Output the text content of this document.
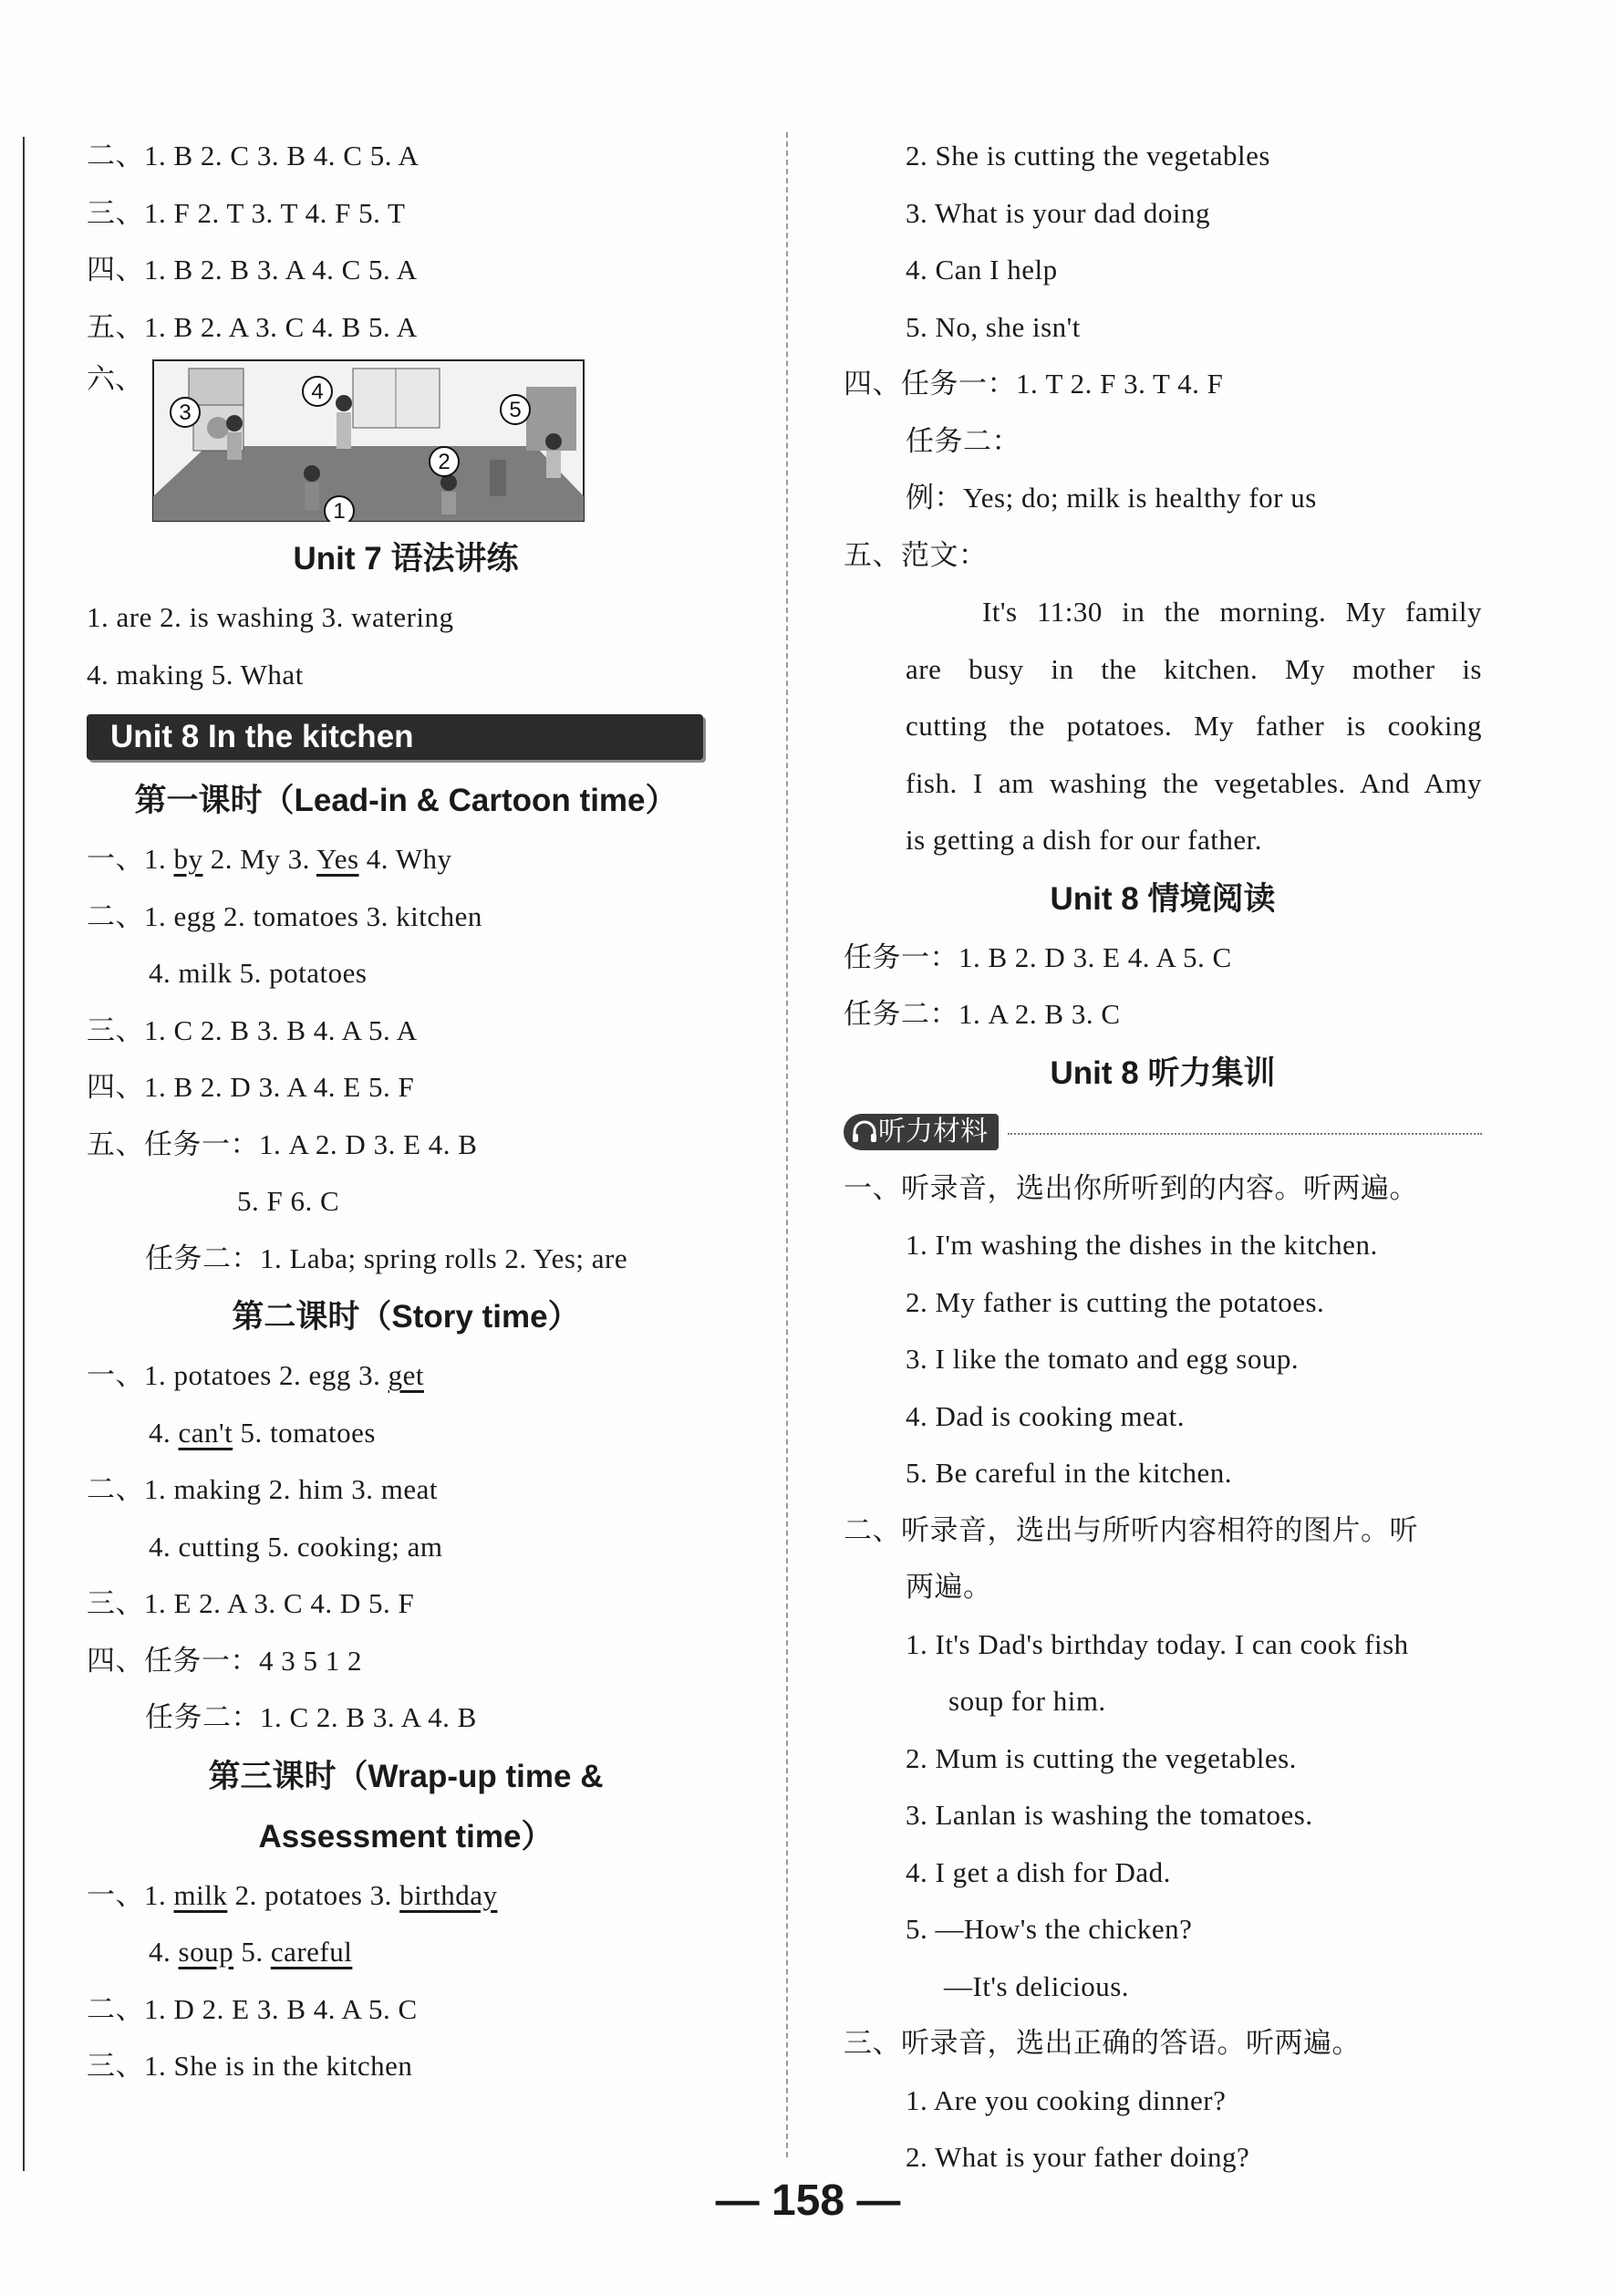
二、1. B 2. C 3. B 4. C 5. A
三、1. F 2. T 3. T 4. F 5. T
四、1. B 2. B 3. A 4. C 5. A
五、1. B 2. A 3. C 4. B 5. A
六、
1
2
3
4
5
Unit 7 语法讲练
1. are 2. is washing 3. watering
4. making 5. What
Unit 8 In the kitchen
第一课时（Lead-in & Cartoon time）
一、1. by 2. My 3. Yes 4. Why
二、1. egg 2. tomatoes 3. kitchen
4. milk 5. potatoes
三、1. C 2. B 3. B 4. A 5. A
四、1. B 2. D 3. A 4. E 5. F
五、任务一：1. A 2. D 3. E 4. B
5. F 6. C
任务二：1. Laba; spring rolls 2. Yes; are
第二课时（Story time）
一、1. potatoes 2. egg 3. get
4. can't 5. tomatoes
二、1. making 2. him 3. meat
4. cutting 5. cooking; am
三、1. E 2. A 3. C 4. D 5. F
四、任务一：4 3 5 1 2
任务二：1. C 2. B 3. A 4. B
第三课时（Wrap-up time &
Assessment time）
一、1. milk 2. potatoes 3. birthday
4. soup 5. careful
二、1. D 2. E 3. B 4. A 5. C
三、1. She is in the kitchen
2. She is cutting the vegetables
3. What is your dad doing
4. Can I help
5. No, she isn't
四、任务一：1. T 2. F 3. T 4. F
任务二：
例：Yes; do; milk is healthy for us
五、范文：
It's 11:30 in the morning. My family
are busy in the kitchen. My mother is
cutting the potatoes. My father is cooking
fish. I am washing the vegetables. And Amy
is getting a dish for our father.
Unit 8 情境阅读
任务一：1. B 2. D 3. E 4. A 5. C
任务二：1. A 2. B 3. C
Unit 8 听力集训
听力材料
一、听录音，选出你所听到的内容。听两遍。
1. I'm washing the dishes in the kitchen.
2. My father is cutting the potatoes.
3. I like the tomato and egg soup.
4. Dad is cooking meat.
5. Be careful in the kitchen.
二、听录音，选出与所听内容相符的图片。听
两遍。
1. It's Dad's birthday today. I can cook fish
soup for him.
2. Mum is cutting the vegetables.
3. Lanlan is washing the tomatoes.
4. I get a dish for Dad.
5. —How's the chicken?
—It's delicious.
三、听录音，选出正确的答语。听两遍。
1. Are you cooking dinner?
2. What is your father doing?
— 158 —
